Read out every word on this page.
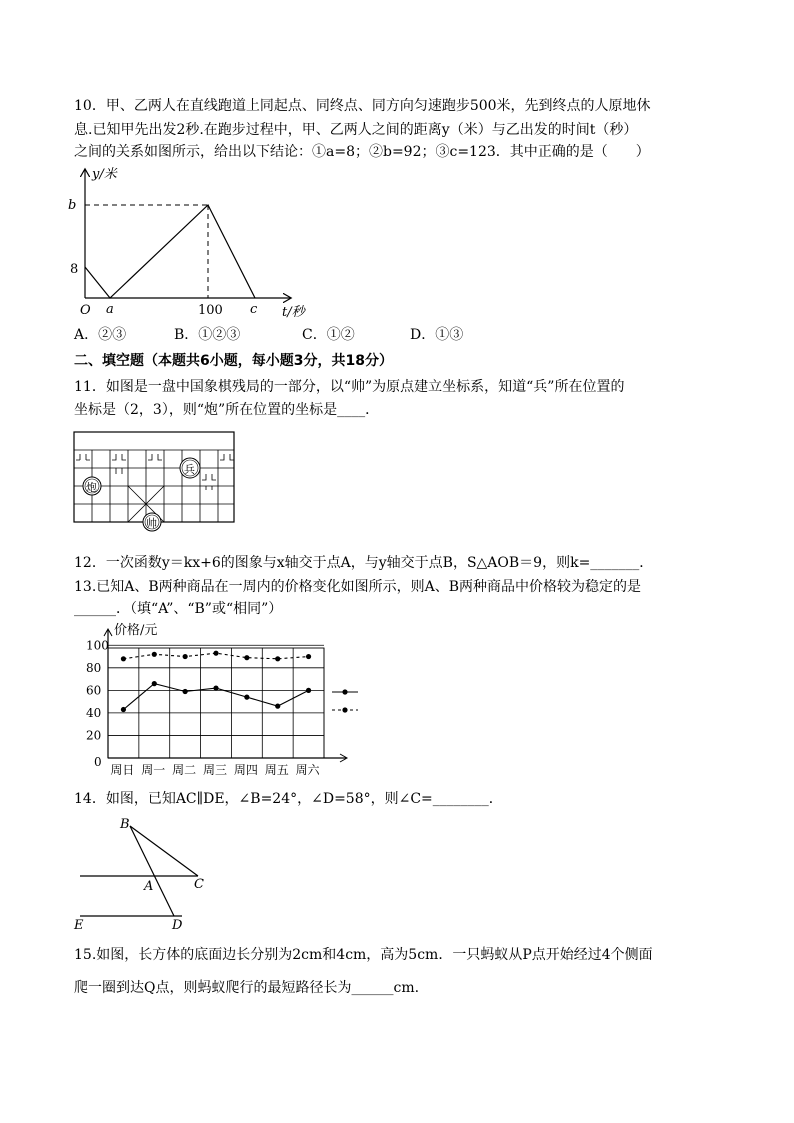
10．甲、乙两人在直线跑道上同起点、同终点、同方向匀速跑步500米，先到终点的人原地休
息.已知甲先出发2秒.在跑步过程中，甲、乙两人之间的距离y（米）与乙出发的时间t（秒）
之间的关系如图所示，给出以下结论：①a=8；②b=92；③c=123．其中正确的是（　　）
y/米
b
8
O a	100 c t/秒
A．②③	B．①②③	C．①②	D．①③
二、填空题（本题共6小题，每小题3分，共18分）
11．如图是一盘中国象棋残局的一部分，以“帅”为原点建立坐标系，知道“兵”所在位置的
坐标是（2，3），则“炮”所在位置的坐标是____．
炮
兵
帅
12．一次函数y＝kx+6的图象与x轴交于点A，与y轴交于点B，S△AOB＝9，则k=_______．
13.已知A、B两种商品在一周内的价格变化如图所示，则A、B两种商品中价格较为稳定的是
______．（填“A”、“B”或“相同”）
价格/元
0
20
40
60
80
100
周日 周一 周二 周三 周四 周五 周六
14．如图，已知AC∥DE，∠B=24°，∠D=58°，则∠C=________．
B
A	C
E	D
15.如图，长方体的底面边长分别为2cm和4cm，高为5cm．一只蚂蚁从P点开始经过4个侧面
爬一圈到达Q点，则蚂蚁爬行的最短路径长为______cm.
